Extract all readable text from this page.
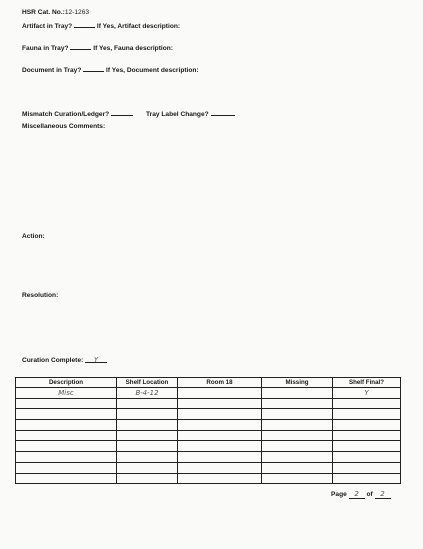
HSR Cat. No.:12-1263
Artifact in Tray?	If Yes, Artifact description:
Fauna in Tray?	If Yes, Fauna description:
Document in Tray?	If Yes, Document description:
Mismatch Curation/Ledger?	Tray Label Change?
Miscellaneous Comments:
Action:
Resolution:
Curation Complete: Y
Description	Shelf Location	Room 18	Missing	Shelf Final?
Misc	B-4-12			Y

Page 2 of 2
